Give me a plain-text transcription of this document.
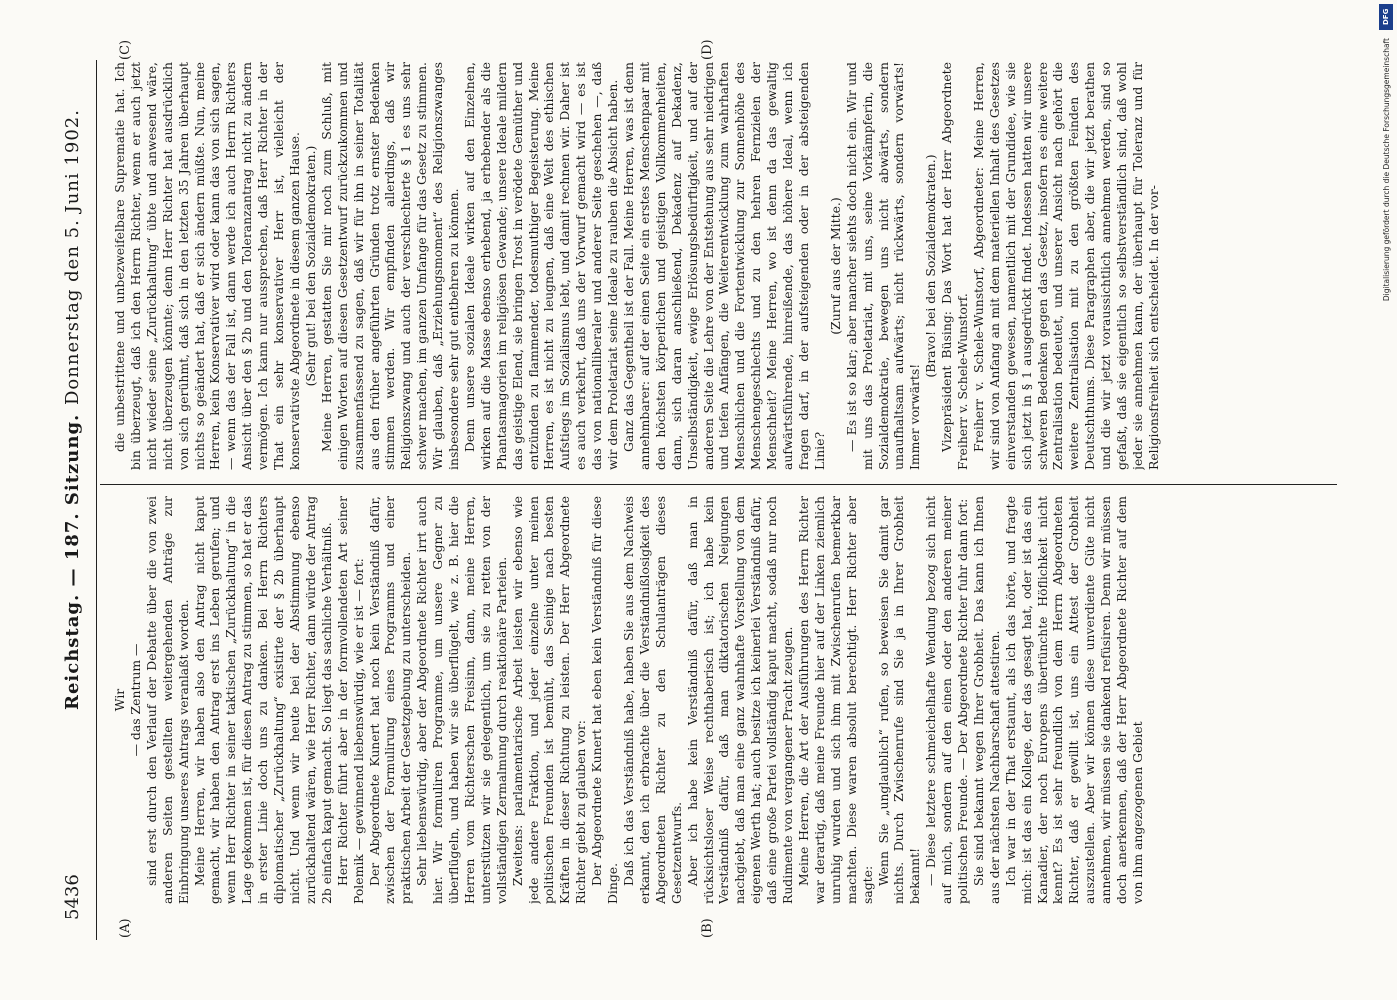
5436
Reichstag. — 187. Sitzung.
Donnerstag den 5. Juni 1902.
(A)	(B)
(C)	(D)

Wir — das Zentrum — sind erst durch den Verlauf der Debatte über die von zwei anderen Seiten gestellten weitergehenden Anträge zur Einbringung unseres Antrags veranlaßt worden. Meine Herren, wir haben also den Antrag nicht kaput gemacht, wir haben den Antrag erst ins Leben gerufen; und wenn Herr Richter in seiner taktischen „Zurückhaltung“ in die Lage gekommen ist, für diesen Antrag zu stimmen, so hat er das in erster Linie doch uns zu danken. Bei Herrn Richters diplomatischer „Zurückhaltung“ existirte der § 2b überhaupt nicht. Und wenn wir heute bei der Abstimmung ebenso zurückhaltend wären, wie Herr Richter, dann würde der Antrag 2b einfach kaput gemacht. So liegt das sachliche Verhältniß. Herr Richter führt aber in der formvollendeten Art seiner Polemik — gewinnend liebenswürdig, wie er ist — fort: Der Abgeordnete Kunert hat noch kein Verständniß dafür, zwischen der Formulirung eines Programms und einer praktischen Arbeit der Gesetzgebung zu unterscheiden. Sehr liebenswürdig, aber der Abgeordnete Richter irrt auch hier. Wir formuliren Programme, um unsere Gegner zu überflügeln, und haben wir sie überflügelt, wie z. B. hier die Herren vom Richterschen Freisinn, dann, meine Herren, unterstützen wir sie gelegentlich, um sie zu retten von der vollständigen Zermalmung durch reaktionäre Parteien. Zweitens: parlamentarische Arbeit leisten wir ebenso wie jede andere Fraktion, und jeder einzelne unter meinen politischen Freunden ist bemüht, das Seinige nach besten Kräften in dieser Richtung zu leisten. Der Herr Abgeordnete Richter giebt zu glauben vor: Der Abgeordnete Kunert hat eben kein Verständniß für diese Dinge. Daß ich das Verständniß habe, haben Sie aus dem Nachweis erkannt, den ich erbrachte über die Verständnißlosigkeit des Abgeordneten Richter zu den Schulanträgen dieses Gesetzentwurfs. Aber ich habe kein Verständniß dafür, daß man in rücksichtsloser Weise rechthaberisch ist; ich habe kein Verständniß dafür, daß man diktatorischen Neigungen nachgiebt, daß man eine ganz wahnhafte Vorstellung von dem eigenen Werth hat; auch besitze ich keinerlei Verständniß dafür, daß eine große Partei vollständig kaput macht, sodaß nur noch Rudimente von vergangener Pracht zeugen. Meine Herren, die Art der Ausführungen des Herrn Richter war derartig, daß meine Freunde hier auf der Linken ziemlich unruhig wurden und sich ihm mit Zwischenrufen bemerkbar machten. Diese waren absolut berechtigt. Herr Richter aber sagte: Wenn Sie „unglaublich“ rufen, so beweisen Sie damit gar nichts. Durch Zwischenrufe sind Sie ja in Ihrer Grobheit bekannt! — Diese letztere schmeichelhafte Wendung bezog sich nicht auf mich, sondern auf den einen oder den anderen meiner politischen Freunde. — Der Abgeordnete Richter fuhr dann fort: Sie sind bekannt wegen Ihrer Grobheit. Das kann ich Ihnen aus der nächsten Nachbarschaft attestiren. Ich war in der That erstaunt, als ich das hörte, und fragte mich: ist das ein Kollege, der das gesagt hat, oder ist das ein Kanadier, der noch Europens übertünchte Höflichkeit nicht kennt? Es ist sehr freundlich von dem Herrn Abgeordneten Richter, daß er gewillt ist, uns ein Attest der Grobheit auszustellen. Aber wir können diese unverdiente Güte nicht annehmen, wir müssen sie dankend refüsiren. Denn wir müssen doch anerkennen, daß der Herr Abgeordnete Richter auf dem von ihm angezogenen Gebiet

die unbestrittene und unbezweifelbare Suprematie hat. Ich bin überzeugt, daß ich den Herrn Richter, wenn er auch jetzt nicht wieder seine „Zurückhaltung“ übte und anwesend wäre, nicht überzeugen könnte; denn Herr Richter hat ausdrücklich von sich gerühmt, daß sich in den letzten 35 Jahren überhaupt nichts so geändert hat, daß er sich ändern müßte. Nun, meine Herren, kein Konservativer wird oder kann das von sich sagen, — wenn das der Fall ist, dann werde ich auch Herrn Richters Ansicht über den § 2b und den Toleranzantrag nicht zu ändern vermögen. Ich kann nur aussprechen, daß Herr Richter in der That ein sehr konservativer Herr ist, vielleicht der konservativste Abgeordnete in diesem ganzen Hause. (Sehr gut! bei den Sozialdemokraten.) Meine Herren, gestatten Sie mir noch zum Schluß, mit einigen Worten auf diesen Gesetzentwurf zurückzukommen und zusammenfassend zu sagen, daß wir für ihn in seiner Totalität aus den früher angeführten Gründen trotz ernster Bedenken stimmen werden. Wir empfinden allerdings, daß wir Religionszwang und auch der verschlechterte § 1 es uns sehr schwer machen, im ganzen Umfange für das Gesetz zu stimmen. Wir glauben, daß „Erziehungsmoment“ des Religionszwanges insbesondere sehr gut entbehren zu können. Denn unsere sozialen Ideale wirken auf den Einzelnen, wirken auf die Masse ebenso erhebend, ja erhebender als die Phantasmagorien im religiösen Gewande; unsere Ideale mildern das geistige Elend, sie bringen Trost in verödete Gemüther und entzünden zu flammender, todesmuthiger Begeisterung. Meine Herren, es ist nicht zu leugnen, daß eine Welt des ethischen Aufstiegs im Sozialismus lebt, und damit rechnen wir. Daher ist es auch verkehrt, daß uns der Vorwurf gemacht wird — es ist das von nationalliberaler und anderer Seite geschehen —, daß wir dem Proletariat seine Ideale zu rauben die Absicht haben. Ganz das Gegentheil ist der Fall. Meine Herren, was ist denn annehmbarer: auf der einen Seite ein erstes Menschenpaar mit den höchsten körperlichen und geistigen Vollkommenheiten, dann, sich daran anschließend, Dekadenz auf Dekadenz, Unselbständigkeit, ewige Erlösungsbedürftigkeit, und auf der anderen Seite die Lehre von der Entstehung aus sehr niedrigen und tiefen Anfängen, die Weiterentwicklung zum wahrhaften Menschlichen und die Fortentwicklung zur Sonnenhöhe des Menschengeschlechts und zu den hehren Fernzielen der Menschheit? Meine Herren, wo ist denn da das gewaltig aufwärtsführende, hinreißende, das höhere Ideal, wenn ich fragen darf, in der aufsteigenden oder in der absteigenden Linie?

(Zuruf aus der Mitte.) — Es ist so klar; aber mancher siehts doch nicht ein. Wir und mit uns das Proletariat, mit uns, seine Vorkämpferin, die Sozialdemokratie, bewegen uns nicht abwärts, sondern unaufhaltsam aufwärts; nicht rückwärts, sondern vorwärts! Immer vorwärts!

(Bravo! bei den Sozialdemokraten.) Vizepräsident Büsing: Das Wort hat der Herr Abgeordnete Freiherr v. Schele-Wunstorf. Freiherr v. Schele-Wunstorf, Abgeordneter: Meine Herren, wir sind von Anfang an mit dem materiellen Inhalt des Gesetzes einverstanden gewesen, namentlich mit der Grundidee, wie sie sich jetzt in § 1 ausgedrückt findet. Indessen hatten wir unsere schweren Bedenken gegen das Gesetz, insofern es eine weitere Zentralisation bedeutet, und unserer Ansicht nach gehört die weitere Zentralisation mit zu den größten Feinden des Deutschthums. Diese Paragraphen aber, die wir jetzt berathen und die wir jetzt voraussichtlich annehmen werden, sind so gefaßt, daß sie eigentlich so selbstverständlich sind, daß wohl jeder sie annehmen kann, der überhaupt für Toleranz und für Religionsfreiheit sich entscheidet. In der vor-

DFG
Digitalisierung gefördert durch die Deutsche Forschungsgemeinschaft
